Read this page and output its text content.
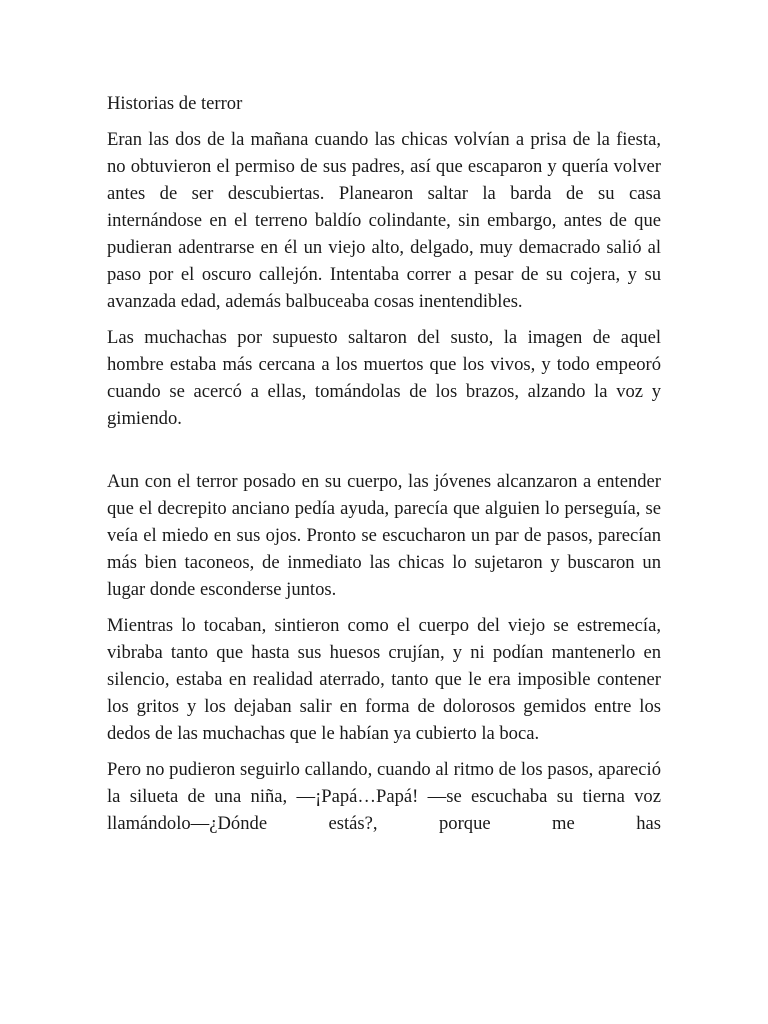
Historias de terror

Eran las dos de la mañana cuando las chicas volvían a prisa de la fiesta, no obtuvieron el permiso de sus padres, así que escaparon y quería volver antes de ser descubiertas. Planearon saltar la barda de su casa internándose en el terreno baldío colindante, sin embargo, antes de que pudieran adentrarse en él un viejo alto, delgado, muy demacrado salió al paso por el oscuro callejón. Intentaba correr a pesar de su cojera, y su avanzada edad, además balbuceaba cosas inentendibles.

Las muchachas por supuesto saltaron del susto, la imagen de aquel hombre estaba más cercana a los muertos que los vivos, y todo empeoró cuando se acercó a ellas, tomándolas de los brazos, alzando la voz y gimiendo.

Aun con el terror posado en su cuerpo, las jóvenes alcanzaron a entender que el decrepito anciano pedía ayuda, parecía que alguien lo perseguía, se veía el miedo en sus ojos. Pronto se escucharon un par de pasos, parecían más bien taconeos, de inmediato las chicas lo sujetaron y buscaron un lugar donde esconderse juntos.

Mientras lo tocaban, sintieron como el cuerpo del viejo se estremecía, vibraba tanto que hasta sus huesos crujían, y ni podían mantenerlo en silencio, estaba en realidad aterrado, tanto que le era imposible contener los gritos y los dejaban salir en forma de dolorosos gemidos entre los dedos de las muchachas que le habían ya cubierto la boca.

Pero no pudieron seguirlo callando, cuando al ritmo de los pasos, apareció la silueta de una niña, —¡Papá…Papá! —se escuchaba su tierna voz llamándolo—¿Dónde estás?, porque me has
